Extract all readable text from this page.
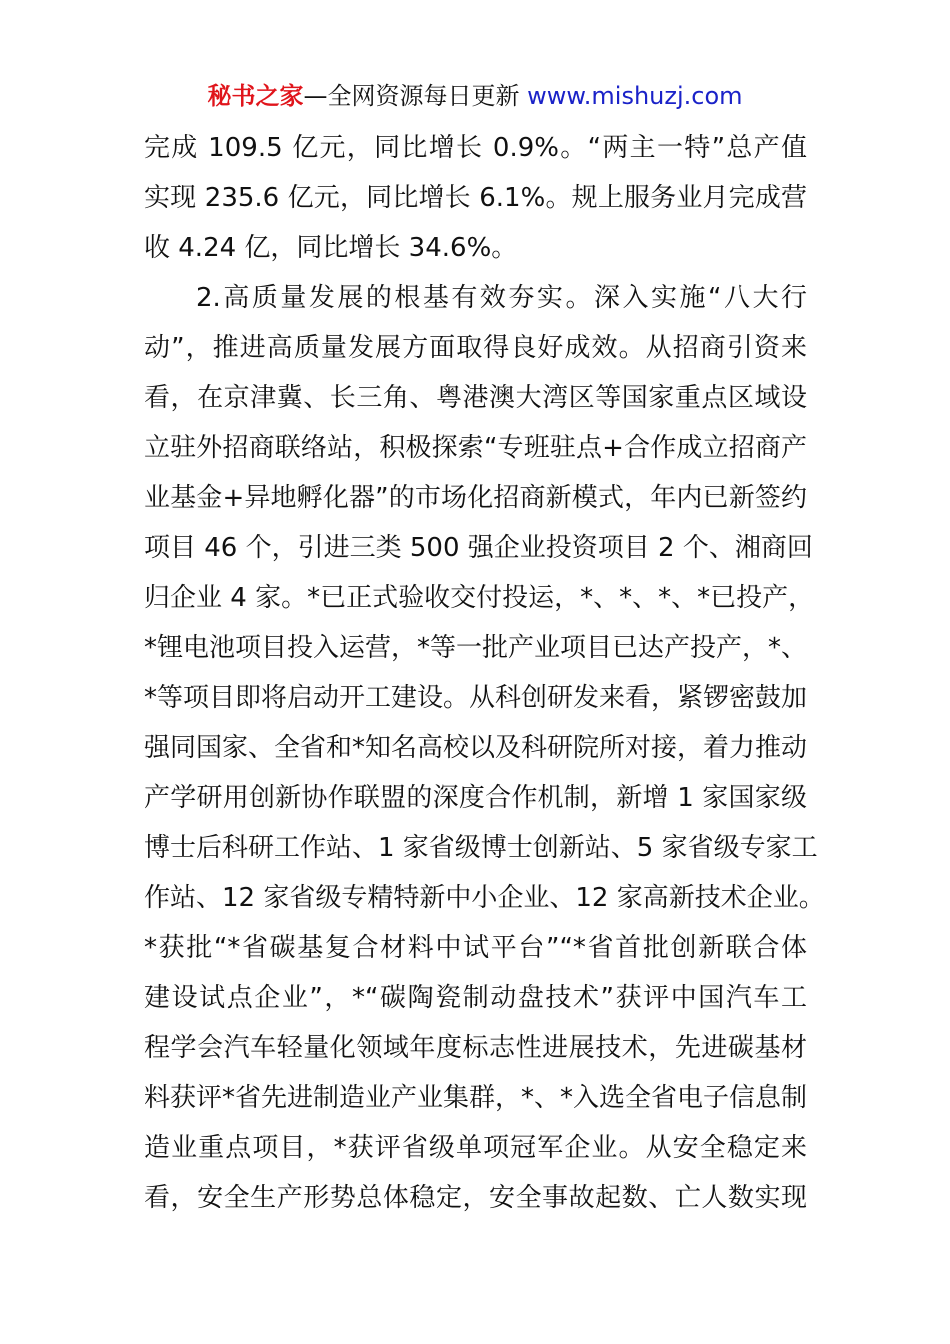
秘书之家—全网资源每日更新 www.mishuzj.com
完成 109.5 亿元，同比增长 0.9%。“两主一特”总产值
实现 235.6 亿元，同比增长 6.1%。规上服务业月完成营
收 4.24 亿，同比增长 34.6%。
2.高质量发展的根基有效夯实。深入实施“八大行
动”，推进高质量发展方面取得良好成效。从招商引资来
看，在京津冀、长三角、粤港澳大湾区等国家重点区域设
立驻外招商联络站，积极探索“专班驻点+合作成立招商产
业基金+异地孵化器”的市场化招商新模式，年内已新签约
项目 46 个，引进三类 500 强企业投资项目 2 个、湘商回
归企业 4 家。*已正式验收交付投运，*、*、*、*已投产，
*锂电池项目投入运营，*等一批产业项目已达产投产，*、
*等项目即将启动开工建设。从科创研发来看，紧锣密鼓加
强同国家、全省和*知名高校以及科研院所对接，着力推动
产学研用创新协作联盟的深度合作机制，新增 1 家国家级
博士后科研工作站、1 家省级博士创新站、5 家省级专家工
作站、12 家省级专精特新中小企业、12 家高新技术企业。
*获批“*省碳基复合材料中试平台”“*省首批创新联合体
建设试点企业”，*“碳陶瓷制动盘技术”获评中国汽车工
程学会汽车轻量化领域年度标志性进展技术，先进碳基材
料获评*省先进制造业产业集群，*、*入选全省电子信息制
造业重点项目，*获评省级单项冠军企业。从安全稳定来
看，安全生产形势总体稳定，安全事故起数、亡人数实现
